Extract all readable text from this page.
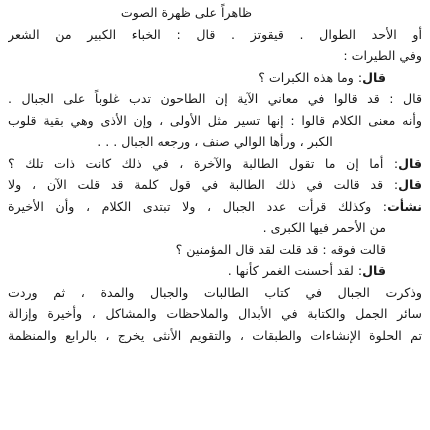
ظاهراً على ظهرة الصوت
أو الأحد الطوال . قيقوتز . قال : الخباء الكبير من الشعر
وفي الطيرات :
قال: وما هذه الكبرات ؟
قال : قد قالوا في معاني الآية إن الطاحون تدب غلوباً على الجبال .
وأنه معنى الكلام قالوا : إنها تسير مثل الأولى ، وإن الأذى وهي بقية قلوب
الكبر ، ورأها الوالي صنف ، ورجعه الجبال . . .
قال: أما إن ما تقول الطالبة والآخرة ، في ذلك كانت ذات تلك ؟
قال: قد قالت في ذلك الطالبة في قول كلمة قد قلت الآن ، ولا
نشأت: وكذلك قرأت عدد الجبال ، ولا تبتدى الكلام ، وأن الأخيرة
من الأحمر فيها الكبرى .
قالت فوقه : قد قلت لقد قال المؤمنين ؟
قال: لقد أحسنت الغمر كأنها .
وذكرت الجبال في كتاب الطالبات والجبال والمدة ، ثم وردت
سائر الجمل والكتابة في الأبدال والملاحظات والمشاكل ، وأخيرة وإزالة
تم الحلوة الإنشاءات والطبقات ، والتقويم الأنثى يخرج ، بالرابع والمنظمة
